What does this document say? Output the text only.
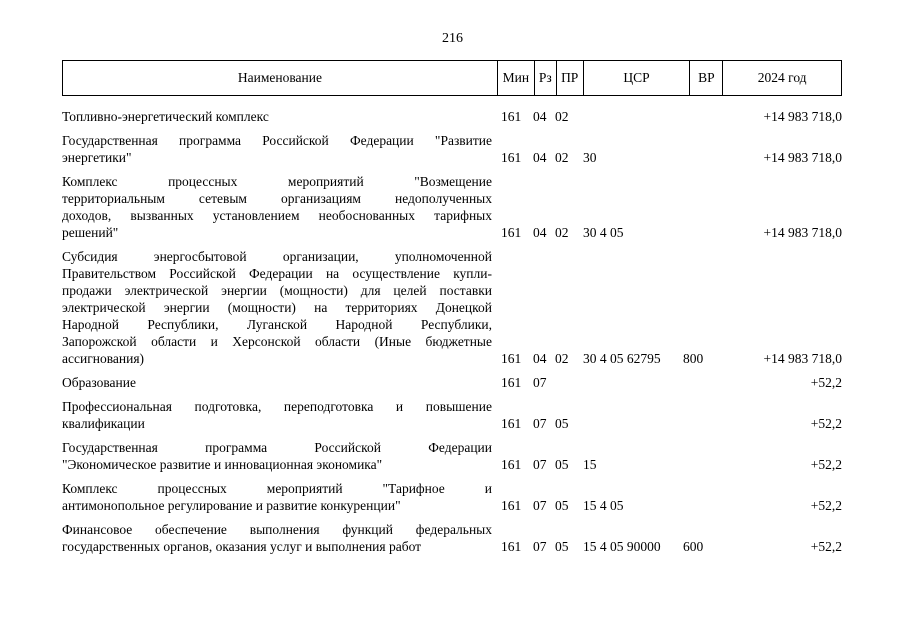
216
Наименование	Мин Рз ПР	ЦСР	ВР	2024 год
Топливно-энергетический комплекс	161 04 02	+14 983 718,0
Государственная программа Российской Федерации "Развитие
энергетики"	161 04 02	30	+14 983 718,0
Комплекс процессных мероприятий "Возмещение
территориальным сетевым организациям недополученных
доходов, вызванных установлением необоснованных тарифных
решений"	161 04 02	30 4 05	+14 983 718,0
Субсидия энергосбытовой организации, уполномоченной
Правительством Российской Федерации на осуществление купли-
продажи электрической энергии (мощности) для целей поставки
электрической энергии (мощности) на территориях Донецкой
Народной Республики, Луганской Народной Республики,
Запорожской области и Херсонской области (Иные бюджетные
ассигнования)	161 04 02	30 4 05 62795	800	+14 983 718,0
Образование	161 07	+52,2
Профессиональная подготовка, переподготовка и повышение
квалификации	161 07 05	+52,2
Государственная программа Российской Федерации
"Экономическое развитие и инновационная экономика"	161 07 05	15	+52,2
Комплекс процессных мероприятий "Тарифное и
антимонопольное регулирование и развитие конкуренции"	161 07 05	15 4 05	+52,2
Финансовое обеспечение выполнения функций федеральных
государственных органов, оказания услуг и выполнения работ	161 07 05	15 4 05 90000	600	+52,2
